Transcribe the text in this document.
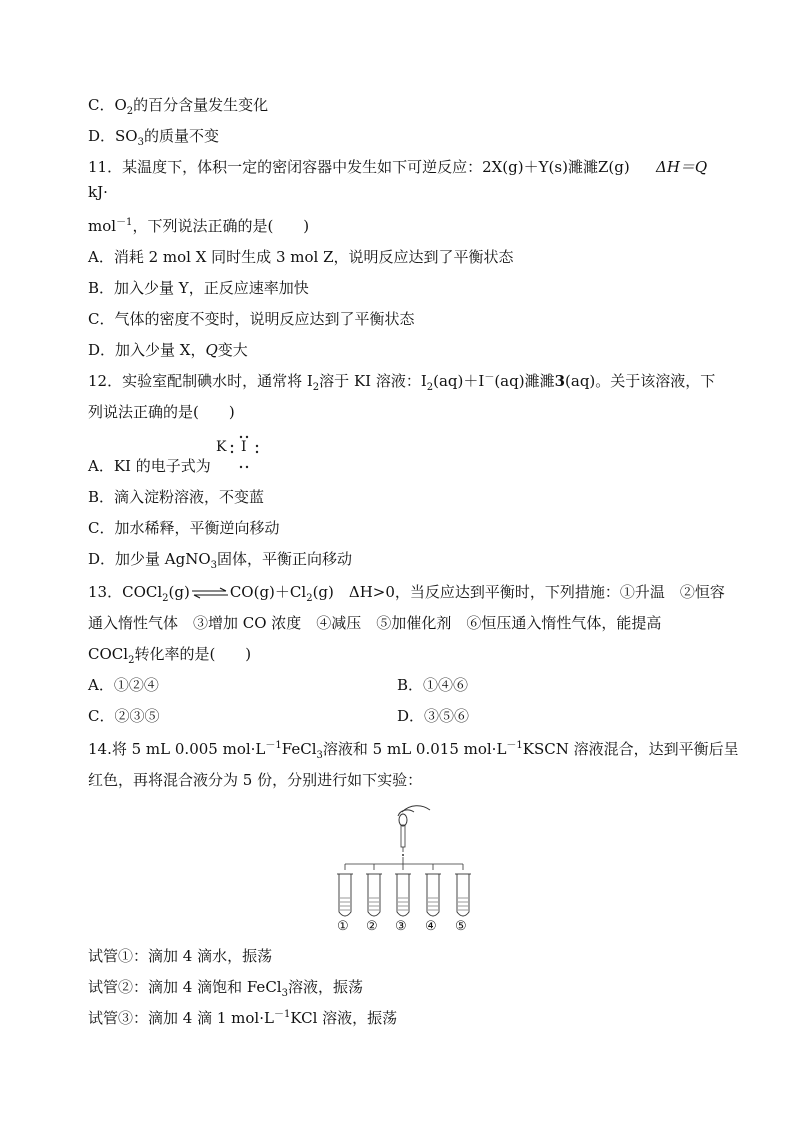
C．$O_2$的百分含量发生变化
D．$SO_3$的质量不变
11．某温度下，体积一定的密闭容器中发生如下可逆反应：2X(g)＋Y(s)濉濉Z(g) ΔH＝Q
kJ·
mol$^{-1}$，下列说法正确的是(　　)
A．消耗 2 mol X 同时生成 3 mol Z，说明反应达到了平衡状态
B．加入少量 Y，正反应速率加快
C．气体的密度不变时，说明反应达到了平衡状态
D．加入少量 X，Q变大
12．实验室配制碘水时，通常将 $I_2$溶于 KI 溶液：$I_2(aq)+I^-(aq)$濉濉3(aq)。关于该溶液，下
列说法正确的是(　　)
A．KI 的电子式为
K I
B．滴入淀粉溶液，不变蓝
C．加水稀释，平衡逆向移动
D．加少量 AgNO$_3$固体，平衡正向移动
13．$COCl_2(g)\rightleftharpoons CO(g)+Cl_2(g)$　ΔH>0，当反应达到平衡时，下列措施：①升温　②恒容
通入惰性气体　③增加 CO 浓度　④减压　⑤加催化剂　⑥恒压通入惰性气体，能提高
COCl$_2$转化率的是(　　)
A．①②④	B．①④⑥
C．②③⑤	D．③⑤⑥
14.将 5 mL 0.005 $mol\cdot L^{-1}FeCl_3$溶液和 5 mL 0.015 $mol\cdot L^{-1}KSCN$ 溶液混合，达到平衡后呈
红色，再将混合液分为 5 份，分别进行如下实验：
① ② ③ ④ ⑤
试管①：滴加 4 滴水，振荡
试管②：滴加 4 滴饱和 FeCl$_3$溶液，振荡
试管③：滴加 4 滴 1 $mol\cdot L^{-1}KCl$ 溶液，振荡
